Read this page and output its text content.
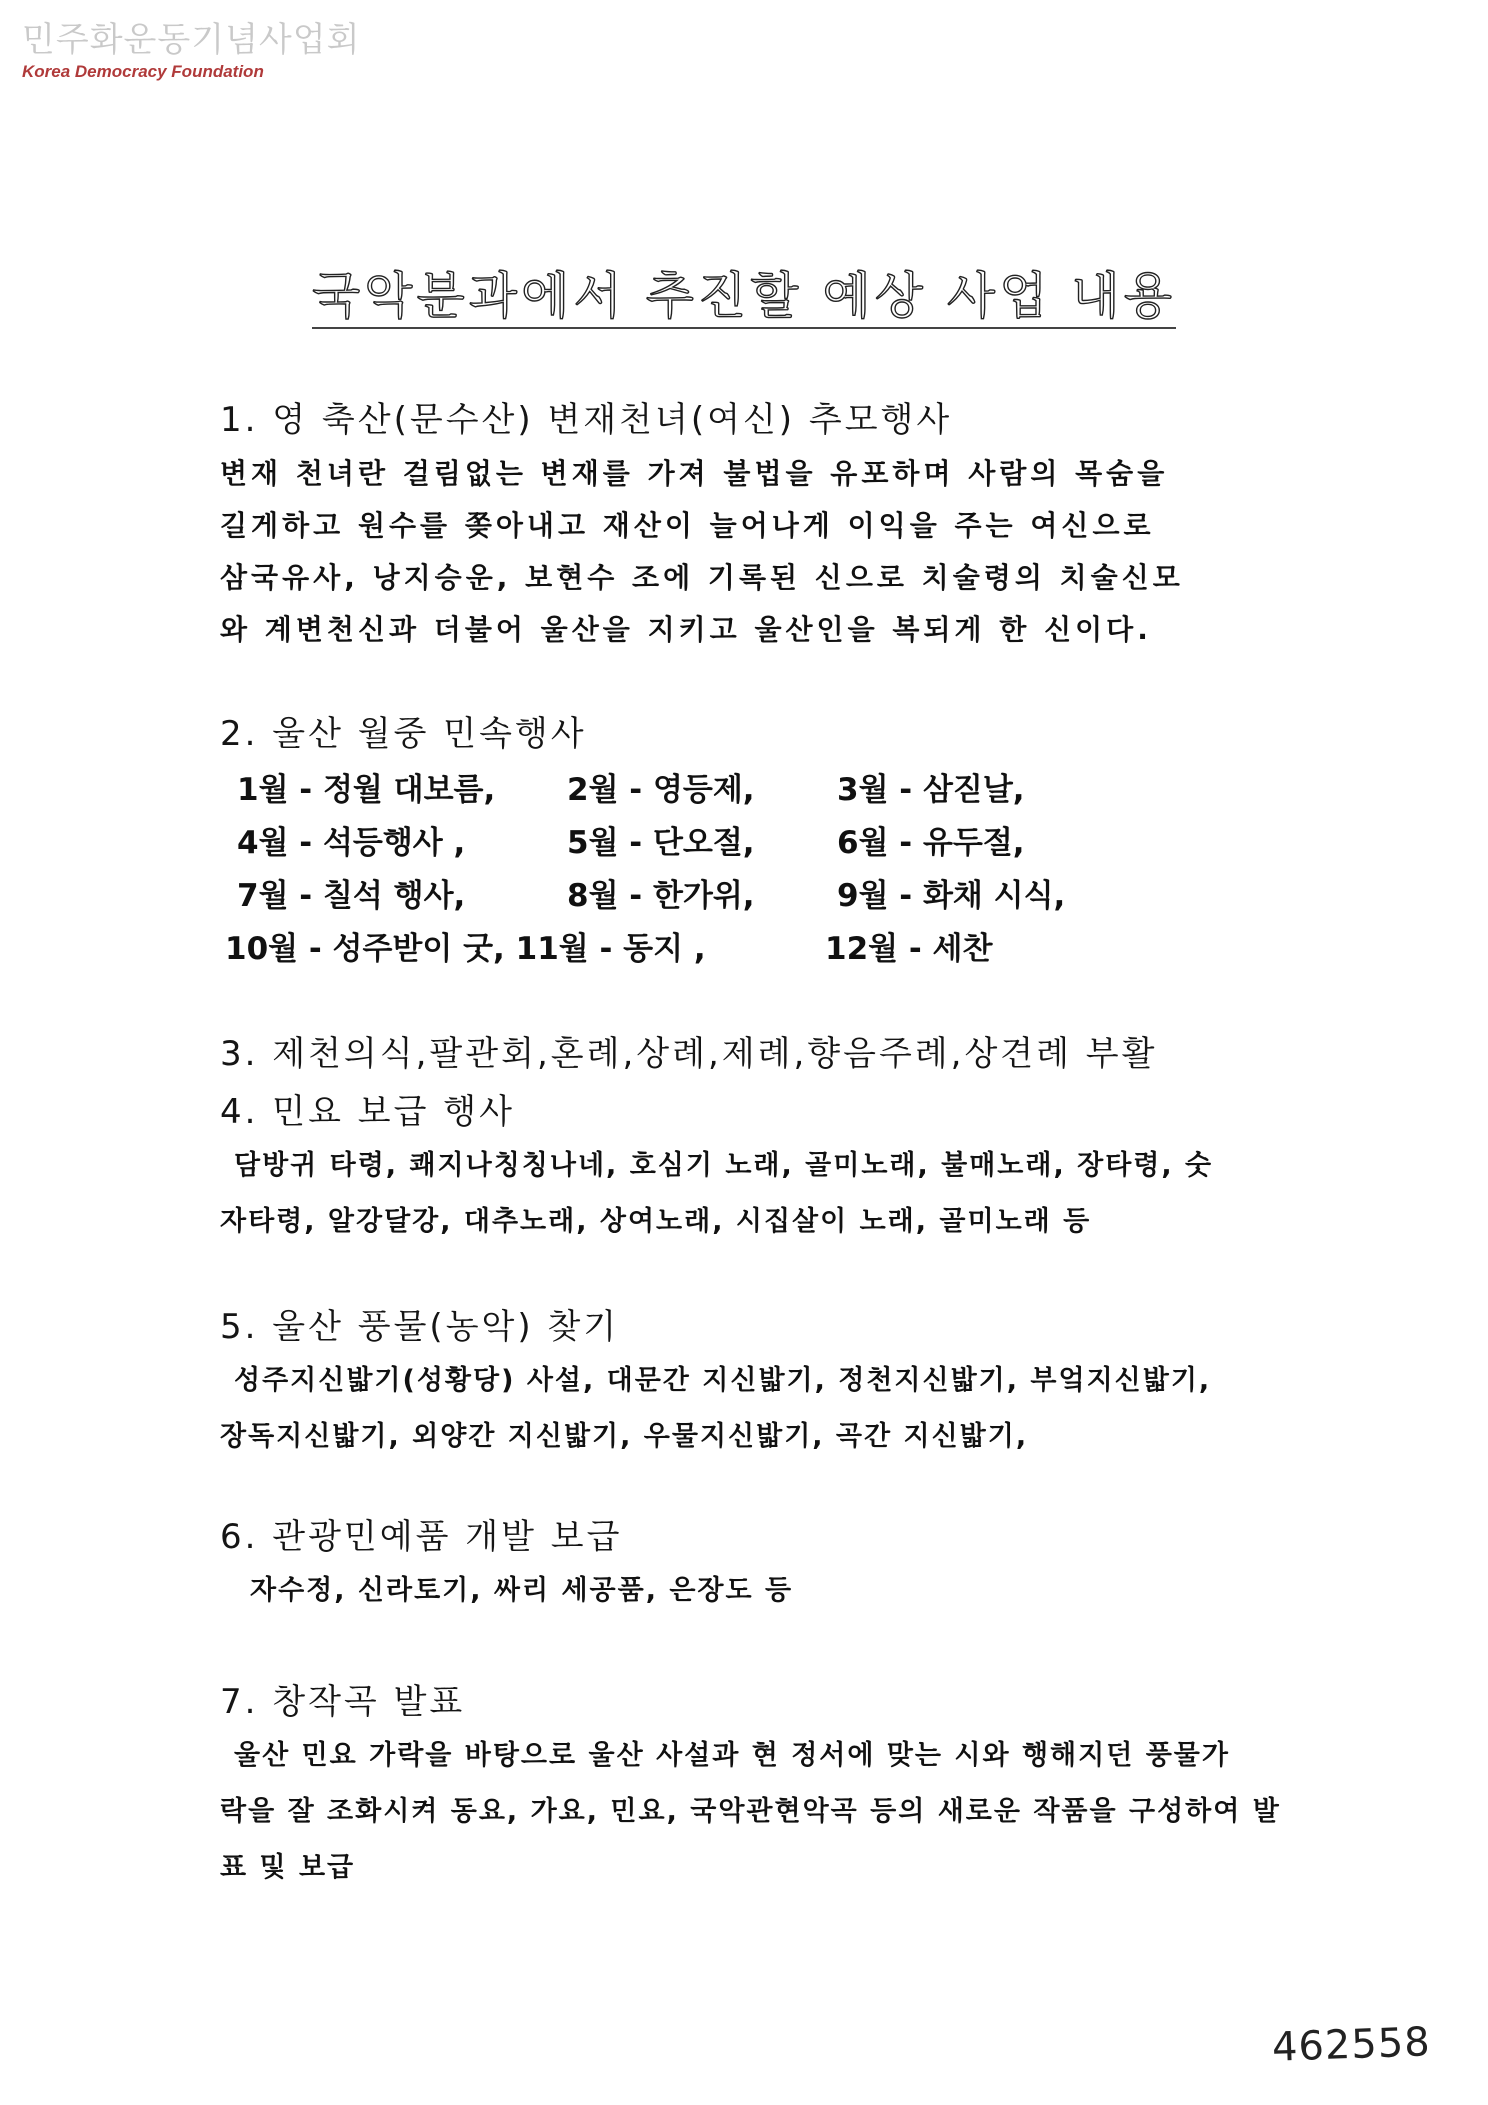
민주화운동기념사업회
Korea Democracy Foundation
국악분과에서 추진할 예상 사업 내용
1. 영 축산(문수산) 변재천녀(여신) 추모행사
변재 천녀란 걸림없는 변재를 가져 불법을 유포하며 사람의 목숨을
길게하고 원수를 쫒아내고 재산이 늘어나게 이익을 주는 여신으로
삼국유사, 낭지승운, 보현수 조에 기록된 신으로 치술령의 치술신모
와 계변천신과 더불어 울산을 지키고 울산인을 복되게 한 신이다.
2. 울산 월중 민속행사
1월 - 정월 대보름,	2월 - 영등제,	3월 - 삼짇날,
4월 - 석등행사 ,	5월 - 단오절,	6월 - 유두절,
7월 - 칠석 행사,	8월 - 한가위,	9월 - 화채 시식,
10월 - 성주받이 굿, 11월 - 동지 ,	12월 - 세찬
3. 제천의식,팔관회,혼례,상례,제례,향음주례,상견례 부활
4. 민요 보급 행사
담방귀 타령, 쾌지나칭칭나네, 호심기 노래, 골미노래, 불매노래, 장타령, 숫
자타령, 알강달강, 대추노래, 상여노래, 시집살이 노래, 골미노래 등
5. 울산 풍물(농악) 찾기
성주지신밟기(성황당) 사설, 대문간 지신밟기, 정천지신밟기, 부엌지신밟기,
장독지신밟기, 외양간 지신밟기, 우물지신밟기, 곡간 지신밟기,
6. 관광민예품 개발 보급
자수정, 신라토기, 싸리 세공품, 은장도 등
7. 창작곡 발표
울산 민요 가락을 바탕으로 울산 사설과 현 정서에 맞는 시와 행해지던 풍물가
락을 잘 조화시켜 동요, 가요, 민요, 국악관현악곡 등의 새로운 작품을 구성하여 발
표 및 보급
462558
